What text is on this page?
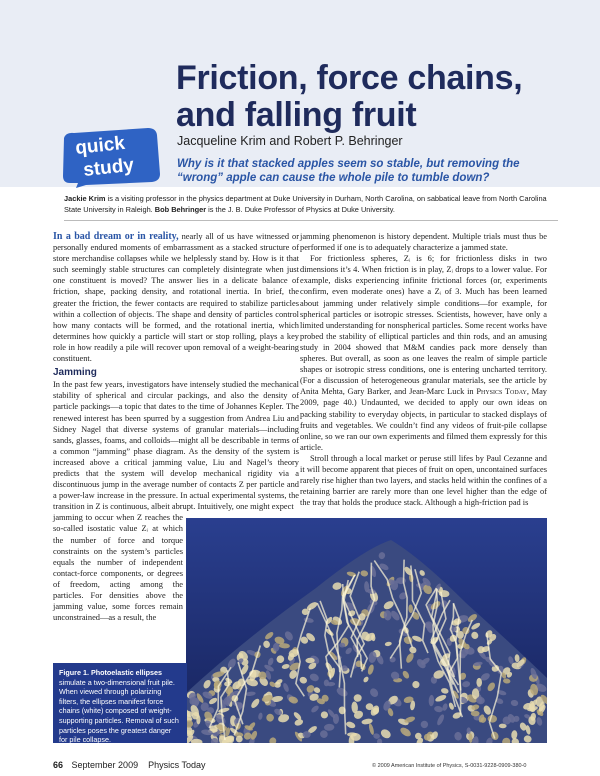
Friction, force chains,
and falling fruit
Jacqueline Krim and Robert P. Behringer
quick
study	Why is it that stacked apples seem so stable, but removing the
“wrong” apple can cause the whole pile to tumble down?
Jackie Krim is a visiting professor in the physics department at Duke University in Durham, North Carolina, on sabbatical leave from North Carolina State University in Raleigh. Bob Behringer is the J. B. Duke Professor of Physics at Duke University.

In a bad dream or in reality, nearly all of us have witnessed or personally endured moments of embarrassment as a stacked structure of store merchandise collapses while we helplessly stand by. How is it that such seemingly stable structures can completely disintegrate when just one constituent is moved? The answer lies in a delicate balance of friction, shape, packing density, and rotational inertia. In brief, the greater the friction, the fewer contacts are required to stabilize particles within a collection of objects. The shape and density of particles control how many contacts will be formed, and the rotational inertia, which determines how quickly a particle will start or stop rolling, plays a key role in how readily a pile will recover upon removal of a weight-bearing constituent.

Jamming

In the past few years, investigators have intensely studied the mechanical stability of spherical and circular packings, and also the density of particle packings—a topic that dates to the time of Johannes Kepler. The renewed interest has been spurred by a suggestion from Andrea Liu and Sidney Nagel that diverse systems of granular materials—including sands, glasses, foams, and colloids—might all be describable in terms of a common “jamming” phase diagram. As the density of the system is increased above a critical jamming value, Liu and Nagel’s theory predicts that the system will develop mechanical rigidity via a discontinuous jump in the average number of contacts Z per particle and a power-law increase in the pressure. In actual experimental systems, the transition in Z is continuous, albeit abrupt. Intuitively, one might expect

jamming to occur when Z reaches the so-called isostatic value Zᵢ at which the number of force and torque constraints on the system’s particles equals the number of independent contact-force components, or degrees of freedom, acting among the particles. For densities above the jamming value, some forces remain unconstrained—as a result, the

jamming phenomenon is history dependent. Multiple trials must thus be performed if one is to adequately characterize a jammed state.

For frictionless spheres, Zᵢ is 6; for frictionless disks in two dimensions it’s 4. When friction is in play, Zᵢ drops to a lower value. For example, disks experiencing infinite frictional forces (or, experiments confirm, even moderate ones) have a Zᵢ of 3. Much has been learned about jamming under relatively simple conditions—for example, for spherical particles or isotropic stresses. Scientists, however, have only a limited understanding for nonspherical particles. Some recent works have probed the stability of elliptical particles and thin rods, and an amusing study in 2004 showed that M&M candies pack more densely than spheres. But overall, as soon as one leaves the realm of simple particle shapes or isotropic stress conditions, one is entering uncharted territory. (For a discussion of heterogeneous granular materials, see the article by Anita Mehta, Gary Barker, and Jean-Marc Luck in Physics Today, May 2009, page 40.) Undaunted, we decided to apply our own ideas on packing stability to everyday objects, in particular to stacked displays of fruits and vegetables. We couldn’t find any videos of fruit-pile collapse online, so we ran our own experiments and filmed them expressly for this article.

Stroll through a local market or peruse still lifes by Paul Cezanne and it will become apparent that pieces of fruit on open, uncontained surfaces rarely rise higher than two layers, and stacks held within the confines of a retaining barrier are rarely more than one level higher than the edge of the tray that holds the produce stack. Although a high-friction pad is

Figure 1. Photoelastic ellipses simulate a two-dimensional fruit pile. When viewed through polarizing filters, the ellipses manifest force chains (white) composed of weight-supporting particles. Removal of such particles poses the greatest danger for pile collapse.
66 September 2009 Physics Today	© 2009 American Institute of Physics, S-0031-9228-0909-380-0
